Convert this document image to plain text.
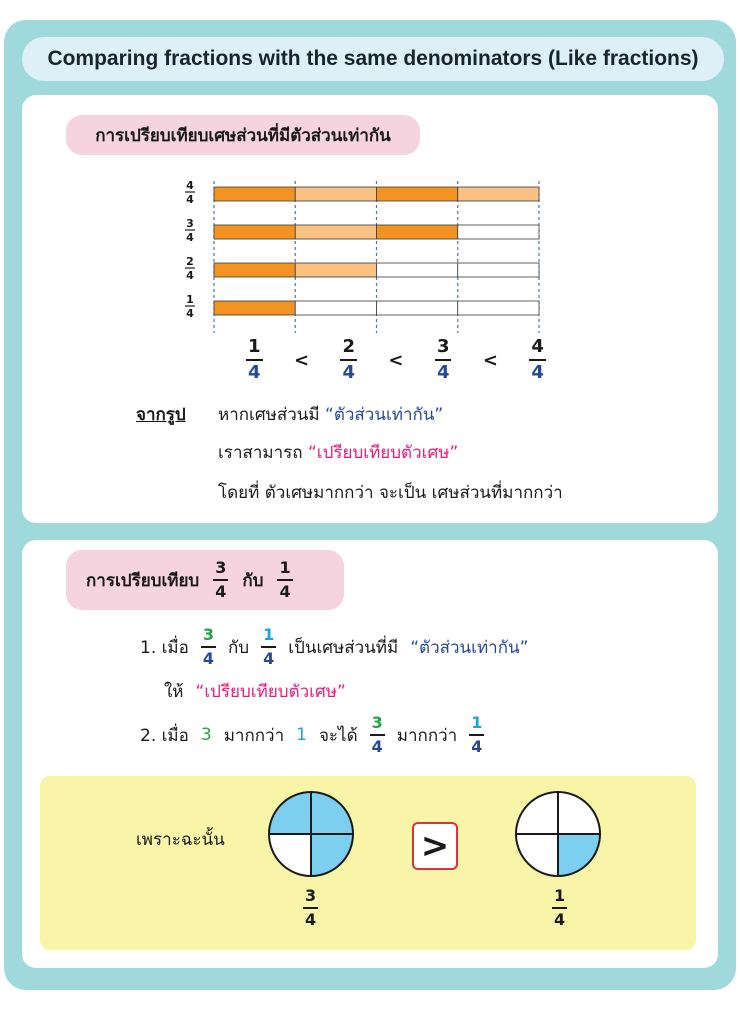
Comparing fractions with the same denominators (Like fractions)
การเปรียบเทียบเศษส่วนที่มีตัวส่วนเท่ากัน
4
4
3
4
2
4
1
4
$\frac{1}{4} < \frac{2}{4} < \frac{3}{4} < \frac{4}{4}$
จากรูป หากเศษส่วนมี “ตัวส่วนเท่ากัน”
เราสามารถ “เปรียบเทียบตัวเศษ”
โดยที่ ตัวเศษมากกว่า จะเป็น เศษส่วนที่มากกว่า
การเปรียบเทียบ $\frac{3}{4}$ กับ $\frac{1}{4}$
1. เมื่อ $\frac{3}{4}$ กับ $\frac{1}{4}$ เป็นเศษส่วนที่มี “ตัวส่วนเท่ากัน”
ให้ “เปรียบเทียบตัวเศษ”
2. เมื่อ 3 มากกว่า 1 จะได้ $\frac{3}{4}$ มากกว่า $\frac{1}{4}$
เพราะฉะนั้น	>
$\frac{3}{4}$	$\frac{1}{4}$
